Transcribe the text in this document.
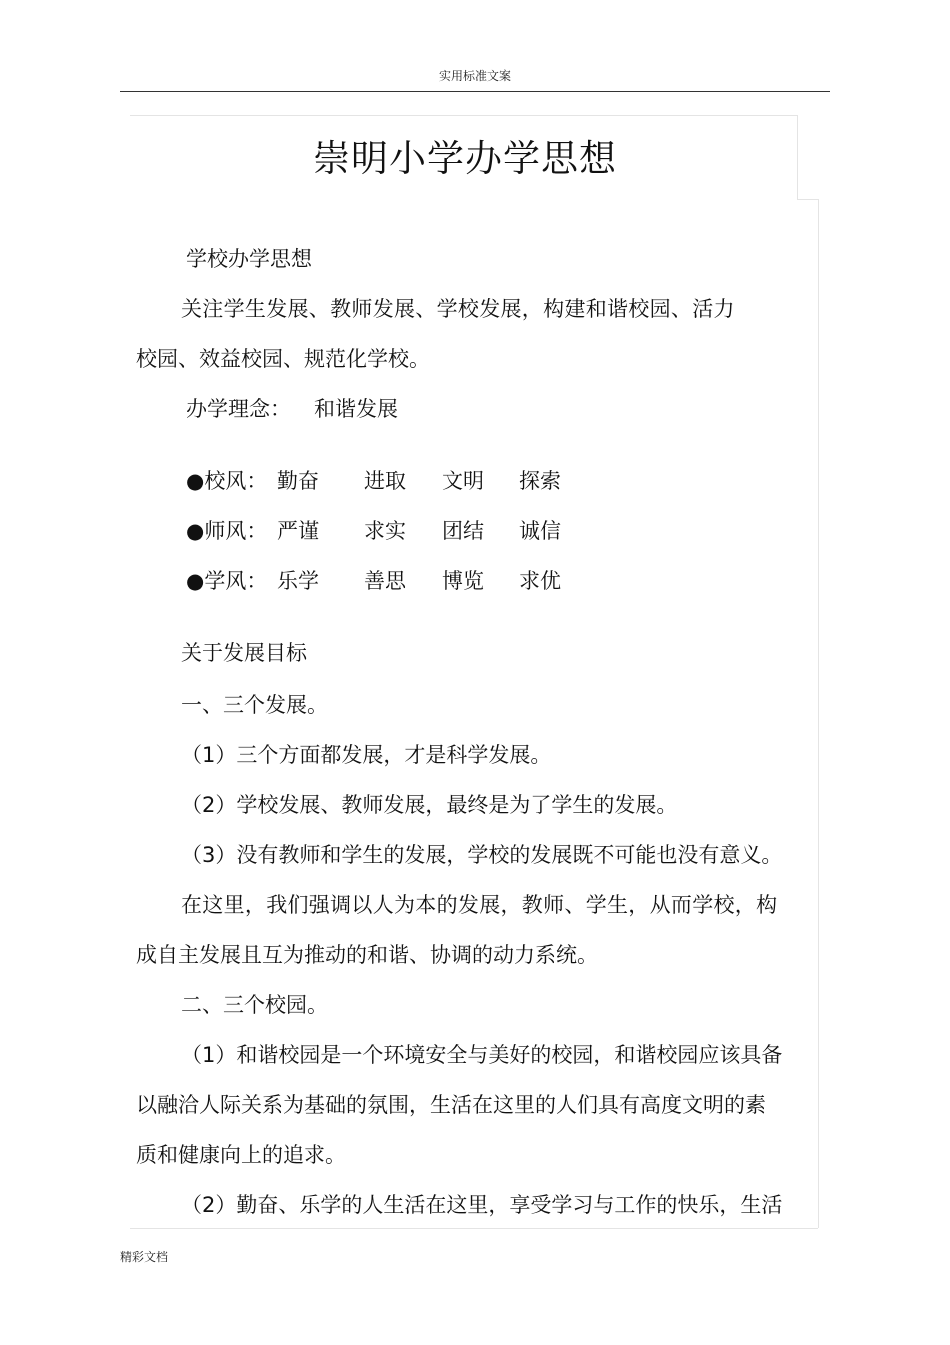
实用标准文案
崇明小学办学思想
学校办学思想
关注学生发展、教师发展、学校发展，构建和谐校园、活力
校园、效益校园、规范化学校。
办学理念： 和谐发展
●校风： 勤奋 进取 文明 探索
●师风： 严谨 求实 团结 诚信
●学风： 乐学 善思 博览 求优
关于发展目标
一、三个发展。
（1）三个方面都发展，才是科学发展。
（2）学校发展、教师发展，最终是为了学生的发展。
（3）没有教师和学生的发展，学校的发展既不可能也没有意义。
在这里，我们强调以人为本的发展，教师、学生，从而学校，构
成自主发展且互为推动的和谐、协调的动力系统。
二、三个校园。
（1）和谐校园是一个环境安全与美好的校园，和谐校园应该具备
以融洽人际关系为基础的氛围，生活在这里的人们具有高度文明的素
质和健康向上的追求。
（2）勤奋、乐学的人生活在这里，享受学习与工作的快乐，生活
精彩文档
